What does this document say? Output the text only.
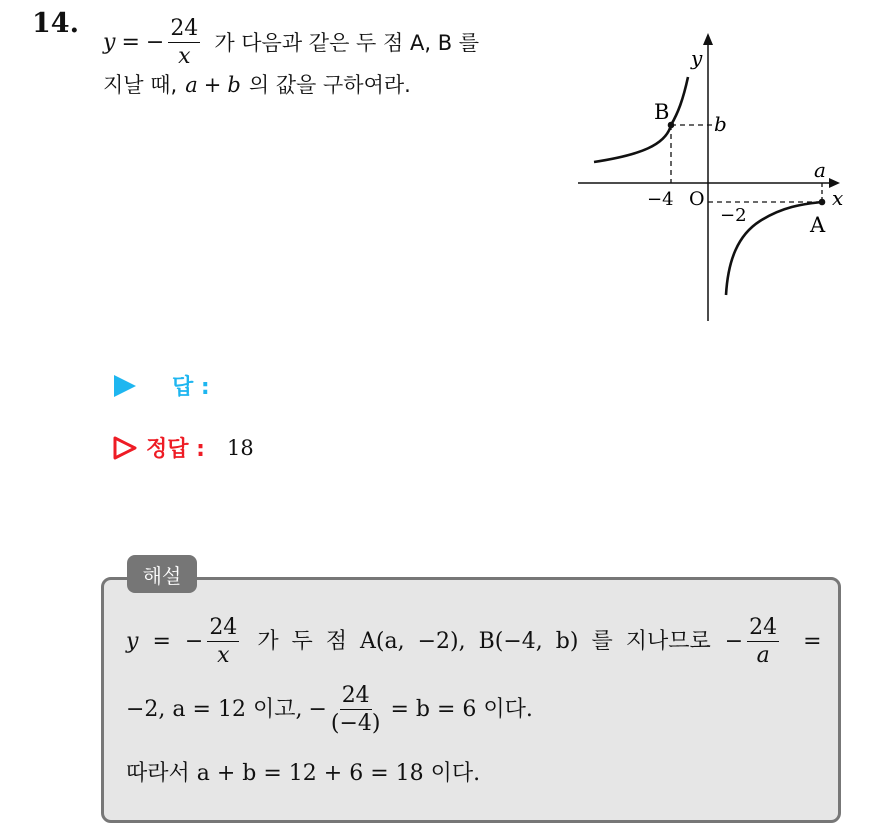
14.
y = − $\frac{24}{x}$ 가 다음과 같은 두 점 A, B 를
지날 때, a + b 의 값을 구하여라.
y
x
O
B
A
b
a
−4
−2
답 :
정답 : 18
해설
y = − $\frac{24}{x}$ 가 두 점 A(a, −2), B(−4, b) 를 지나므로 − $\frac{24}{a}$ =
−2, a = 12 이고, − $\frac{24}{(-4)} = b = 6$ 이다.
따라서 a + b = 12 + 6 = 18 이다.
